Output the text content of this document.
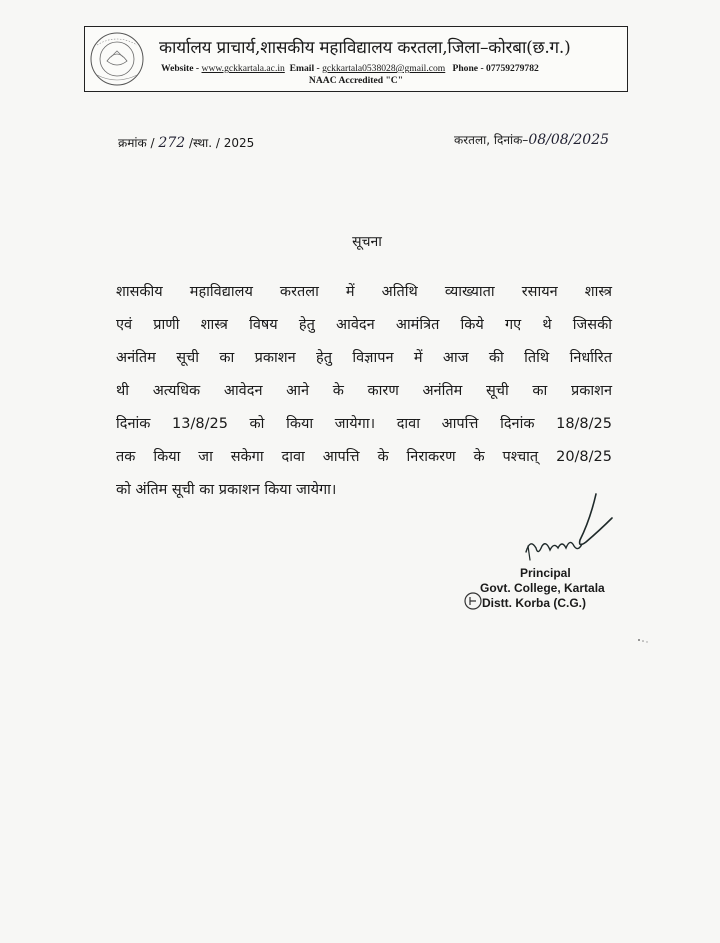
कार्यालय प्राचार्य,शासकीय महाविद्यालय करतला,जिला–कोरबा(छ.ग.)
Website - www.gckkartala.ac.in Email - gckkartala0538028@gmail.com Phone - 07759279782
NAAC Accredited "C"
क्रमांक / 272 /स्था. / 2025	करतला, दिनांक–08/08/2025
सूचना
शासकीय महाविद्यालय करतला में अतिथि व्याख्याता रसायन शास्त्र
एवं प्राणी शास्त्र विषय हेतु आवेदन आमंत्रित किये गए थे जिसकी
अनंतिम सूची का प्रकाशन हेतु विज्ञापन में आज की तिथि निर्धारित
थी अत्यधिक आवेदन आने के कारण अनंतिम सूची का प्रकाशन
दिनांक 13/8/25 को किया जायेगा। दावा आपत्ति दिनांक 18/8/25
तक किया जा सकेगा दावा आपत्ति के निराकरण के पश्चात् 20/8/25
को अंतिम सूची का प्रकाशन किया जायेगा।
Principal
Govt. College, Kartala
Distt. Korba (C.G.)
